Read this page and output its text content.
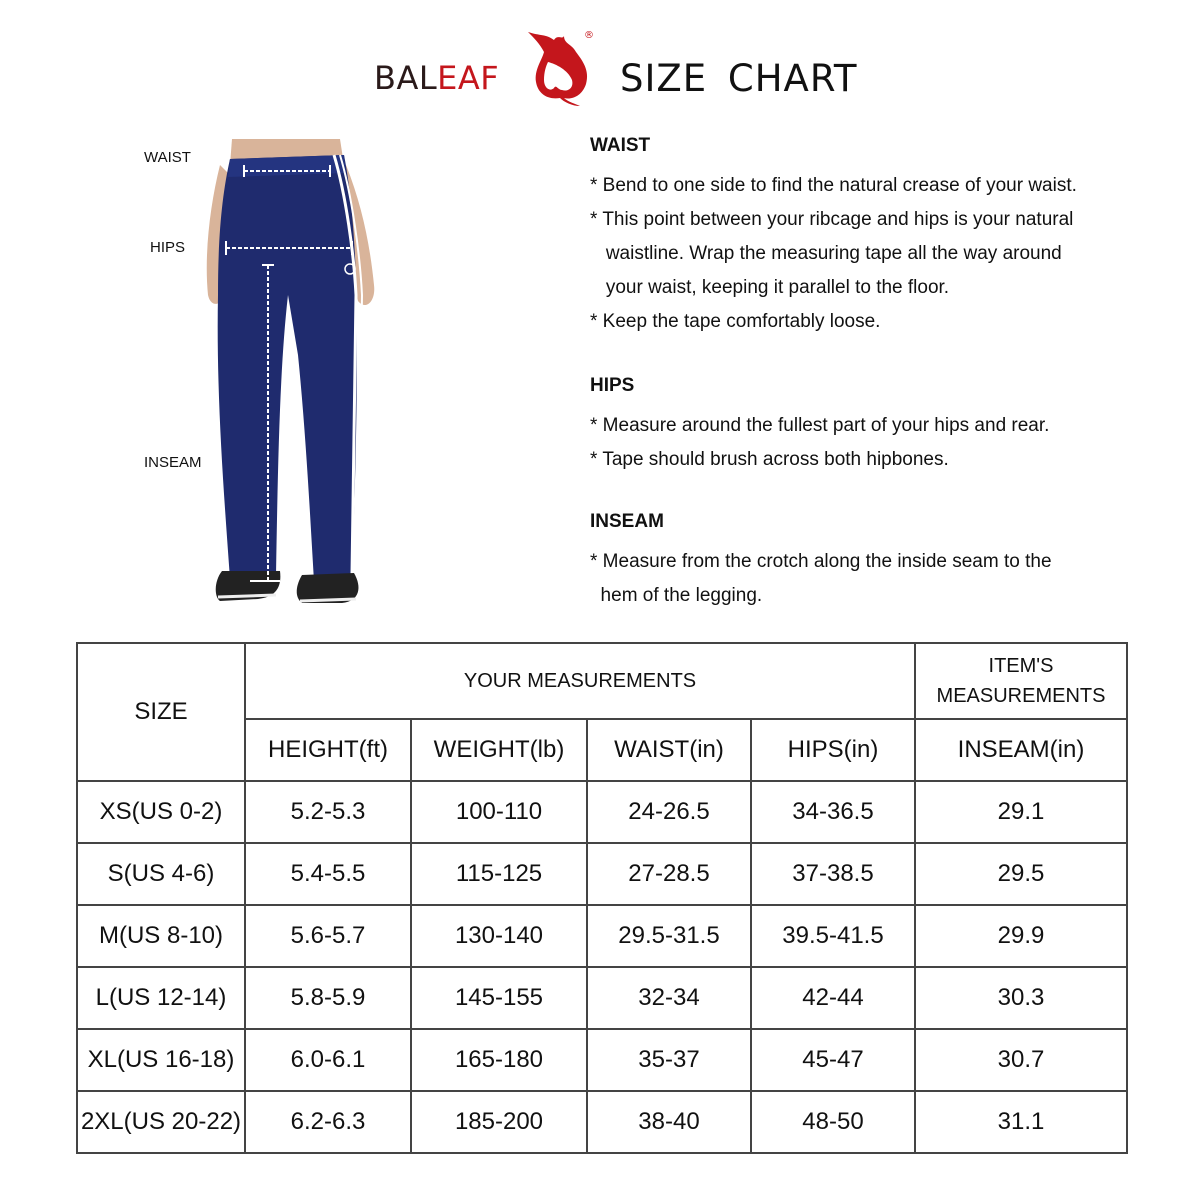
BALEAF
®
SIZE CHART
WAIST
HIPS
INSEAM
WAIST

* Bend to one side to find the natural crease of your waist.

* This point between your ribcage and hips is your natural

waistline. Wrap the measuring tape all the way around

your waist, keeping it parallel to the floor.

* Keep the tape comfortably loose.

HIPS

* Measure around the fullest part of your hips and rear.

* Tape should brush across both hipbones.

INSEAM

* Measure from the crotch along the inside seam to the

hem of the legging.

SIZE	YOUR MEASUREMENTS				ITEM'S
MEASUREMENTS

	HEIGHT(ft)	WEIGHT(lb)	WAIST(in)	HIPS(in)	INSEAM(in)
XS(US 0-2)	5.2-5.3	100-110	24-26.5	34-36.5	29.1
S(US 4-6)	5.4-5.5	115-125	27-28.5	37-38.5	29.5
M(US 8-10)	5.6-5.7	130-140	29.5-31.5	39.5-41.5	29.9
L(US 12-14)	5.8-5.9	145-155	32-34	42-44	30.3
XL(US 16-18)	6.0-6.1	165-180	35-37	45-47	30.7
2XL(US 20-22)	6.2-6.3	185-200	38-40	48-50	31.1
